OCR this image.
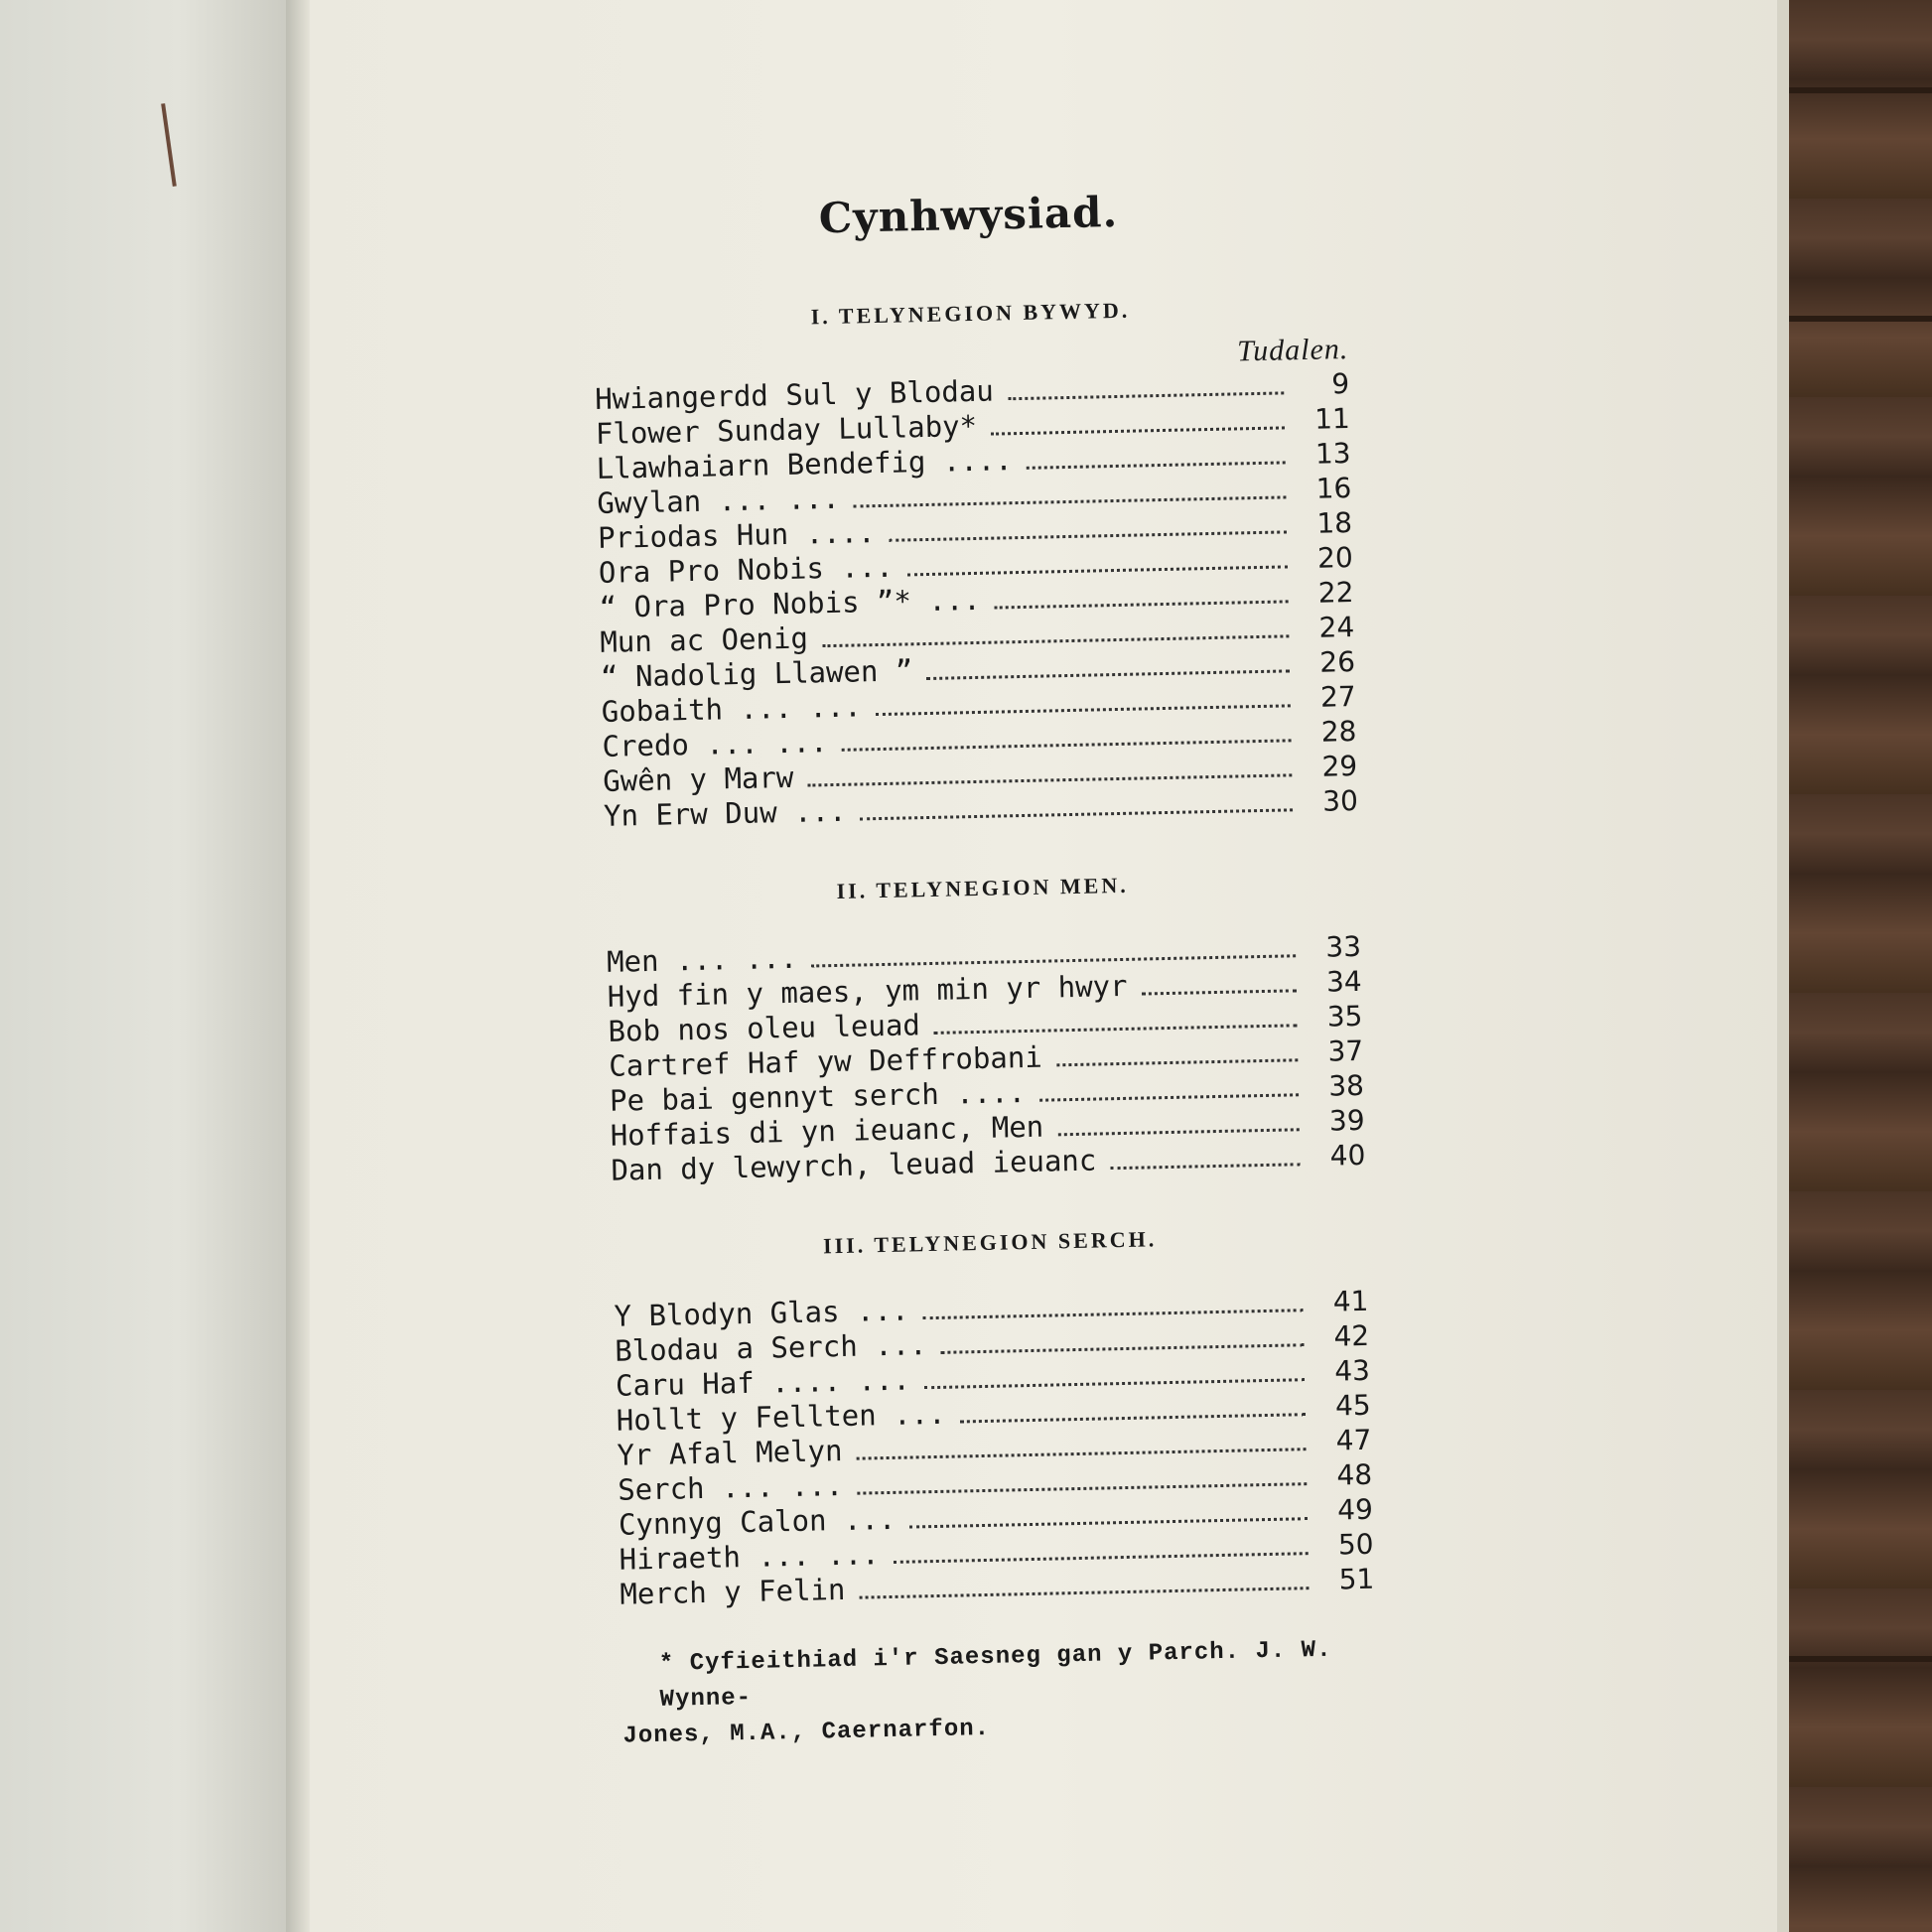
Cynhwysiad.
I. TELYNEGION BYWYD.
Tudalen.
Hwiangerdd Sul y Blodau	9
Flower Sunday Lullaby*	11
Llawhaiarn Bendefig ....	13
Gwylan ... ...	16
Priodas Hun ....	18
Ora Pro Nobis ...	20
“ Ora Pro Nobis ”* ...	22
Mun ac Oenig	24
“ Nadolig Llawen ”	26
Gobaith ... ...	27
Credo ... ...	28
Gwên y Marw	29
Yn Erw Duw ...	30
II. TELYNEGION MEN.
Men ... ...	33
Hyd fin y maes, ym min yr hwyr	34
Bob nos oleu leuad	35
Cartref Haf yw Deffrobani	37
Pe bai gennyt serch ....	38
Hoffais di yn ieuanc, Men	39
Dan dy lewyrch, leuad ieuanc	40
III. TELYNEGION SERCH.
Y Blodyn Glas ...	41
Blodau a Serch ...	42
Caru Haf .... ...	43
Hollt y Fellten ...	45
Yr Afal Melyn	47
Serch ... ...	48
Cynnyg Calon ...	49
Hiraeth ... ...	50
Merch y Felin	51
* Cyfieithiad i'r Saesneg gan y Parch. J. W. Wynne-
Jones, M.A., Caernarfon.
